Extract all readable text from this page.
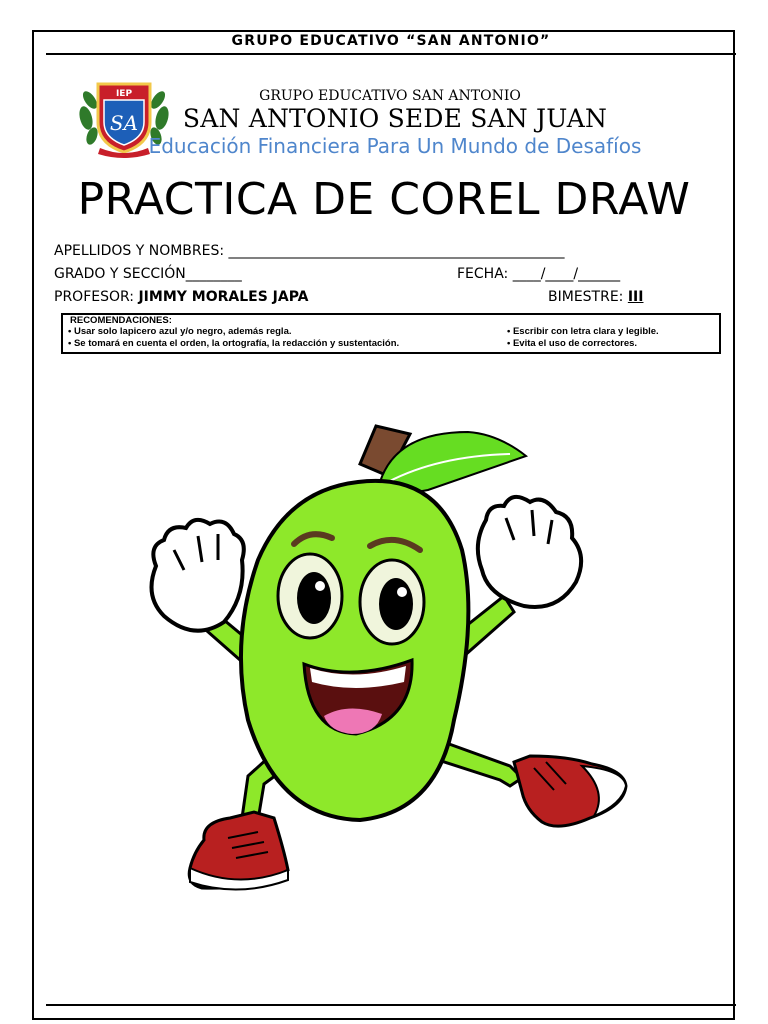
GRUPO EDUCATIVO “SAN ANTONIO”
IEP
SA
GRUPO EDUCATIVO SAN ANTONIO
SAN ANTONIO SEDE SAN JUAN
Educación Financiera Para Un Mundo de Desafíos
PRACTICA DE COREL DRAW
APELLIDOS Y NOMBRES: ________________________________________________
GRADO Y SECCIÓN________	FECHA: ____/____/______
PROFESOR: JIMMY MORALES JAPA	BIMESTRE: III
RECOMENDACIONES:
• Usar solo lapicero azul y/o negro, además regla.
• Se tomará en cuenta el orden, la ortografía, la redacción y sustentación.
• Escribir con letra clara y legible.
• Evita el uso de correctores.
